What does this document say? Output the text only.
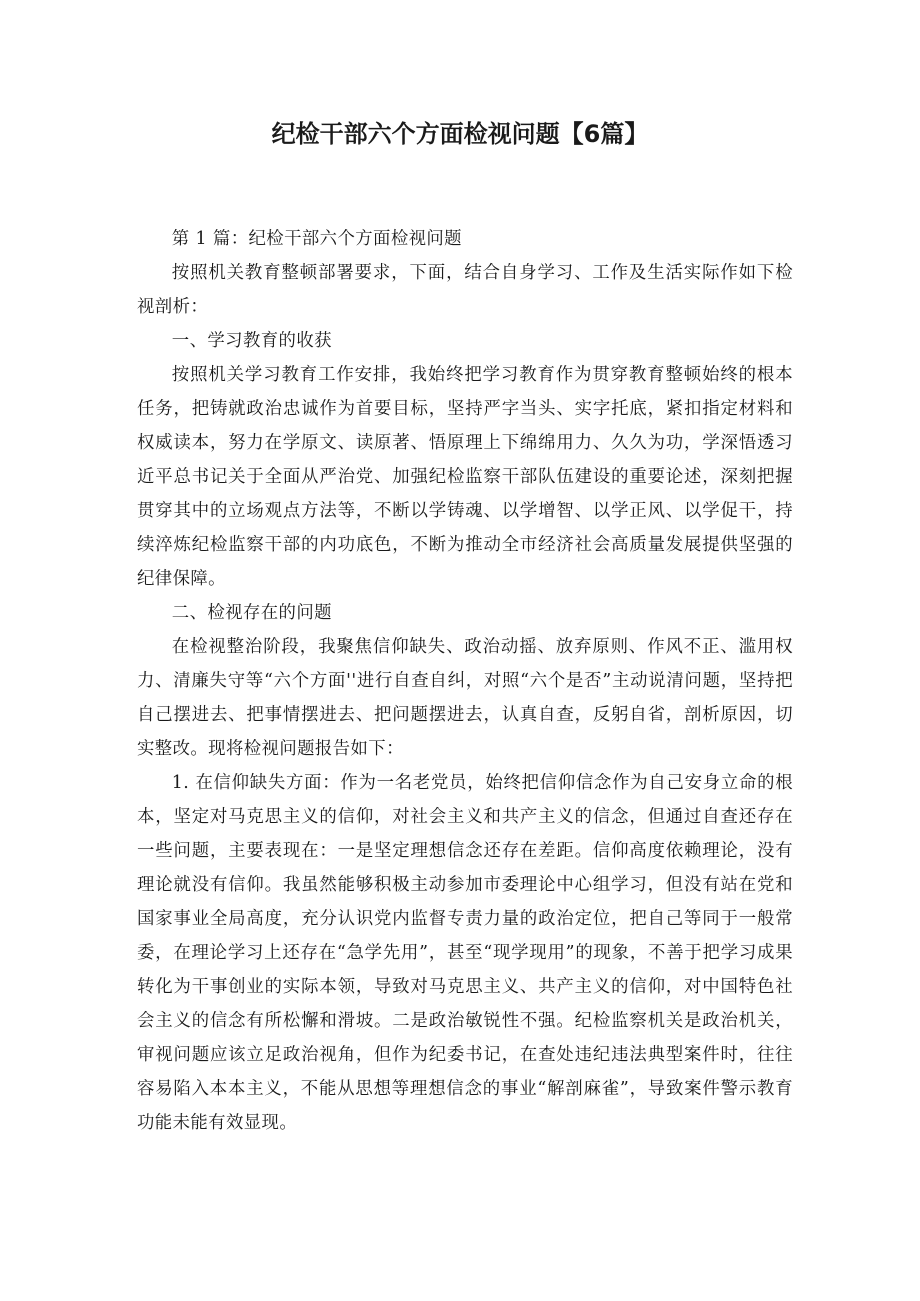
纪检干部六个方面检视问题【6篇】

第 1 篇：纪检干部六个方面检视问题

按照机关教育整顿部署要求，下面，结合自身学习、工作及生活实际作如下检视剖析：

一、学习教育的收获

按照机关学习教育工作安排，我始终把学习教育作为贯穿教育整顿始终的根本任务，把铸就政治忠诚作为首要目标，坚持严字当头、实字托底，紧扣指定材料和权威读本，努力在学原文、读原著、悟原理上下绵绵用力、久久为功，学深悟透习近平总书记关于全面从严治党、加强纪检监察干部队伍建设的重要论述，深刻把握贯穿其中的立场观点方法等，不断以学铸魂、以学增智、以学正风、以学促干，持续淬炼纪检监察干部的内功底色，不断为推动全市经济社会高质量发展提供坚强的纪律保障。

二、检视存在的问题

在检视整治阶段，我聚焦信仰缺失、政治动摇、放弃原则、作风不正、滥用权力、清廉失守等“六个方面''进行自查自纠，对照“六个是否”主动说清问题，坚持把自己摆进去、把事情摆进去、把问题摆进去，认真自查，反躬自省，剖析原因，切实整改。现将检视问题报告如下：

1. 在信仰缺失方面：作为一名老党员，始终把信仰信念作为自己安身立命的根本，坚定对马克思主义的信仰，对社会主义和共产主义的信念，但通过自查还存在一些问题，主要表现在：一是坚定理想信念还存在差距。信仰高度依赖理论，没有理论就没有信仰。我虽然能够积极主动参加市委理论中心组学习，但没有站在党和国家事业全局高度，充分认识党内监督专责力量的政治定位，把自己等同于一般常委，在理论学习上还存在“急学先用”，甚至“现学现用”的现象，不善于把学习成果转化为干事创业的实际本领，导致对马克思主义、共产主义的信仰，对中国特色社会主义的信念有所松懈和滑坡。二是政治敏锐性不强。纪检监察机关是政治机关，审视问题应该立足政治视角，但作为纪委书记，在查处违纪违法典型案件时，往往容易陷入本本主义，不能从思想等理想信念的事业“解剖麻雀”，导致案件警示教育功能未能有效显现。
